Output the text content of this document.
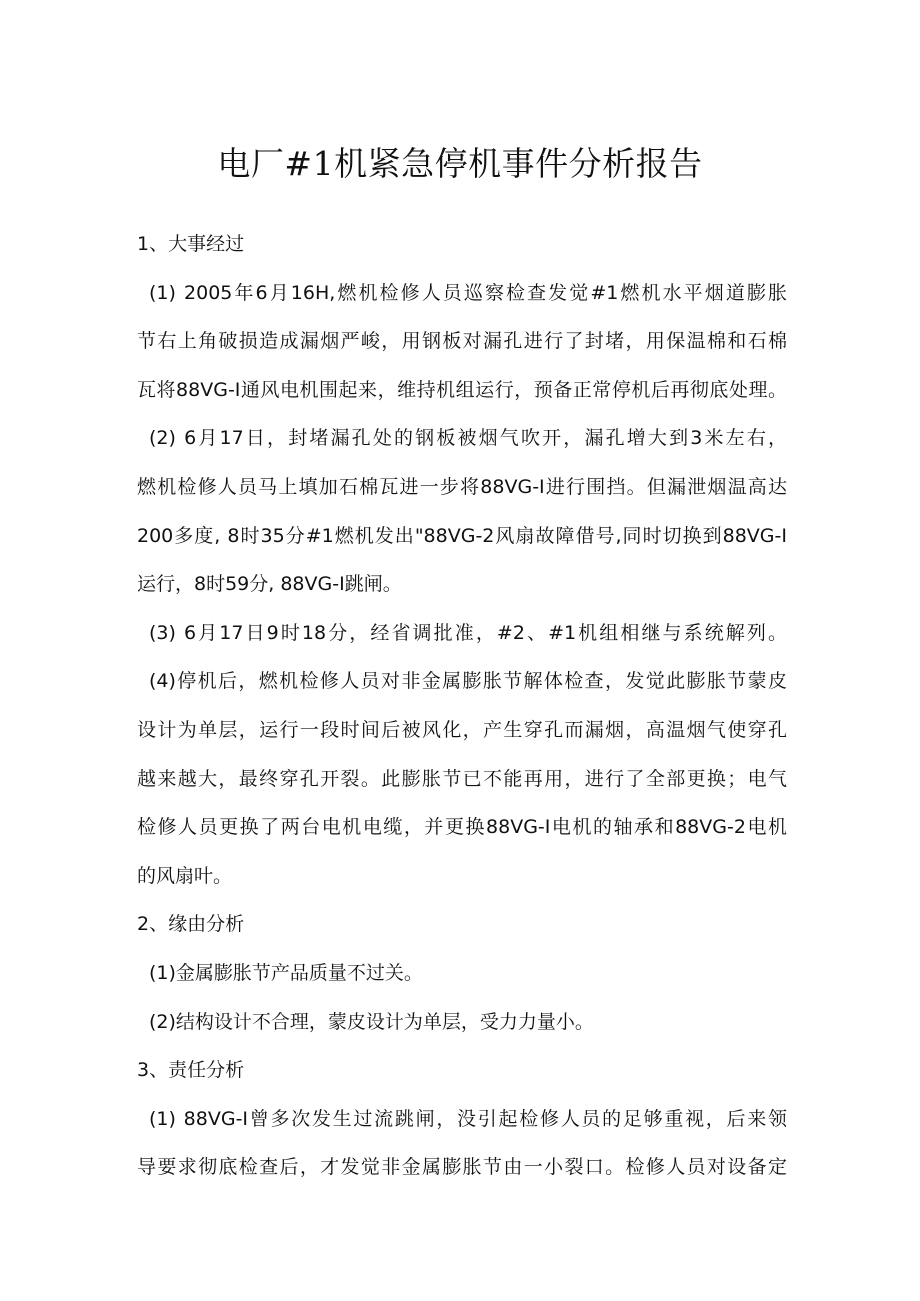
电厂#1机紧急停机事件分析报告
1、大事经过
(1) 2005年6月16H,燃机检修人员巡察检查发觉#1燃机水平烟道膨胀
节右上角破损造成漏烟严峻，用钢板对漏孔进行了封堵，用保温棉和石棉
瓦将88VG-I通风电机围起来，维持机组运行，预备正常停机后再彻底处理。
(2) 6月17日，封堵漏孔处的钢板被烟气吹开，漏孔增大到3米左右，
燃机检修人员马上填加石棉瓦进一步将88VG-I进行围挡。但漏泄烟温高达
200多度, 8时35分#1燃机发出"88VG-2风扇故障借号,同时切换到88VG-I
运行，8时59分, 88VG-I跳闸。
(3) 6月17日9时18分，经省调批准，#2、#1机组相继与系统解列。
(4)停机后，燃机检修人员对非金属膨胀节解体检查，发觉此膨胀节蒙皮
设计为单层，运行一段时间后被风化，产生穿孔而漏烟，高温烟气使穿孔
越来越大，最终穿孔开裂。此膨胀节已不能再用，进行了全部更换；电气
检修人员更换了两台电机电缆，并更换88VG-I电机的轴承和88VG-2电机
的风扇叶。
2、缘由分析
(1)金属膨胀节产品质量不过关。
(2)结构设计不合理，蒙皮设计为单层，受力力量小。
3、责任分析
(1) 88VG-I曾多次发生过流跳闸，没引起检修人员的足够重视，后来领
导要求彻底检查后，才发觉非金属膨胀节由一小裂口。检修人员对设备定
